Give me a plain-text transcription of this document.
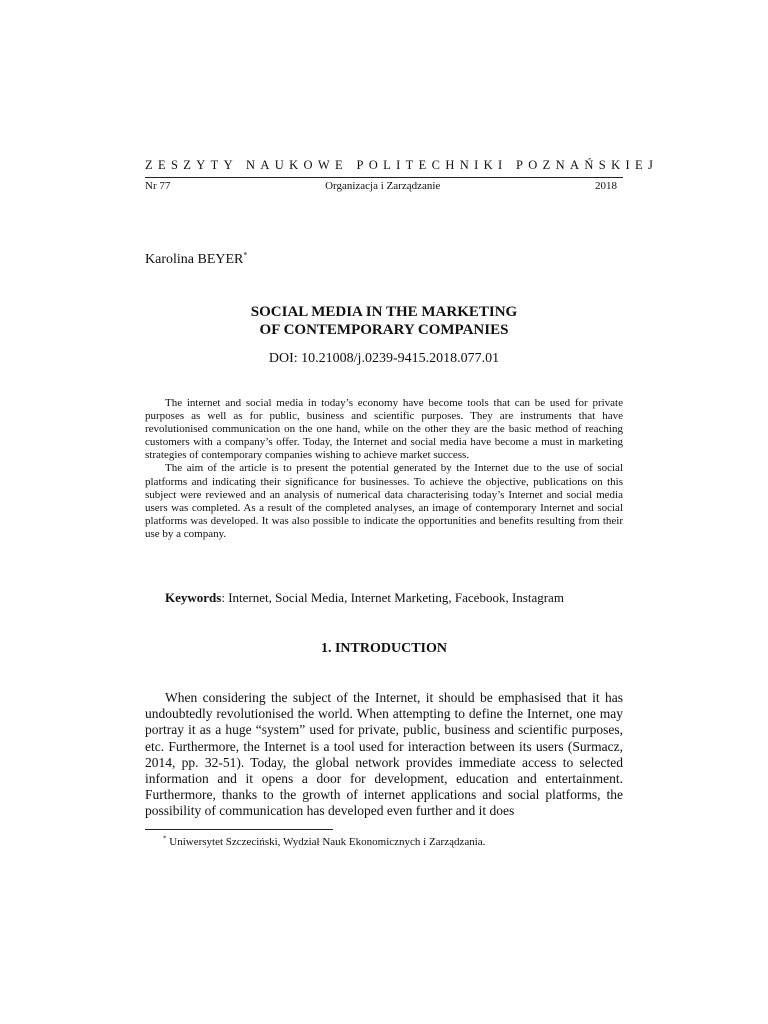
ZESZYTY NAUKOWE POLITECHNIKI POZNAŃSKIEJ
Nr 77	Organizacja i Zarządzanie	2018
Karolina BEYER*
SOCIAL MEDIA IN THE MARKETING
OF CONTEMPORARY COMPANIES
DOI: 10.21008/j.0239-9415.2018.077.01

The internet and social media in today’s economy have become tools that can be used for private purposes as well as for public, business and scientific purposes. They are instruments that have revolutionised communication on the one hand, while on the other they are the basic method of reaching customers with a company’s offer. Today, the Internet and social media have become a must in marketing strategies of contemporary companies wishing to achieve market success.

The aim of the article is to present the potential generated by the Internet due to the use of social platforms and indicating their significance for businesses. To achieve the objective, publications on this subject were reviewed and an analysis of numerical data characterising today’s Internet and social media users was completed. As a result of the completed analyses, an image of contemporary Internet and social platforms was developed. It was also possible to indicate the opportunities and benefits resulting from their use by a company.

Keywords: Internet, Social Media, Internet Marketing, Facebook, Instagram
1. INTRODUCTION

When considering the subject of the Internet, it should be emphasised that it has undoubtedly revolutionised the world. When attempting to define the Internet, one may portray it as a huge “system” used for private, public, business and scientific purposes, etc. Furthermore, the Internet is a tool used for interaction between its users (Surmacz, 2014, pp. 32-51). Today, the global network provides immediate access to selected information and it opens a door for development, education and entertainment. Furthermore, thanks to the growth of internet applications and social platforms, the possibility of communication has developed even further and it does

* Uniwersytet Szczeciński, Wydział Nauk Ekonomicznych i Zarządzania.
